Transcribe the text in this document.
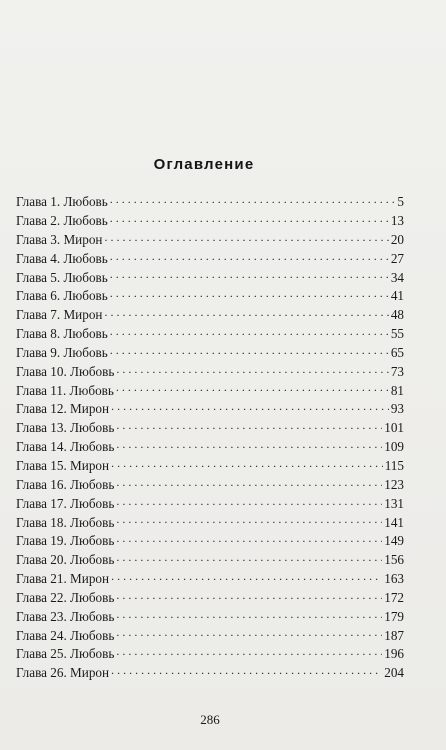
Оглавление
Глава 1. Любовь . . .	5
Глава 2. Любовь . . .	13
Глава 3. Мирон . . .	20
Глава 4. Любовь . . .	27
Глава 5. Любовь . . .	34
Глава 6. Любовь . . .	41
Глава 7. Мирон . . .	48
Глава 8. Любовь . . .	55
Глава 9. Любовь . . .	65
Глава 10. Любовь . . .	73
Глава 11. Любовь . . .	81
Глава 12. Мирон . . .	93
Глава 13. Любовь . . .	101
Глава 14. Любовь . . .	109
Глава 15. Мирон . . .	115
Глава 16. Любовь . . .	123
Глава 17. Любовь . . .	131
Глава 18. Любовь . . .	141
Глава 19. Любовь . . .	149
Глава 20. Любовь . . .	156
Глава 21. Мирон . . .	163
Глава 22. Любовь . . .	172
Глава 23. Любовь . . .	179
Глава 24. Любовь . . .	187
Глава 25. Любовь . . .	196
Глава 26. Мирон . . .	204
286
